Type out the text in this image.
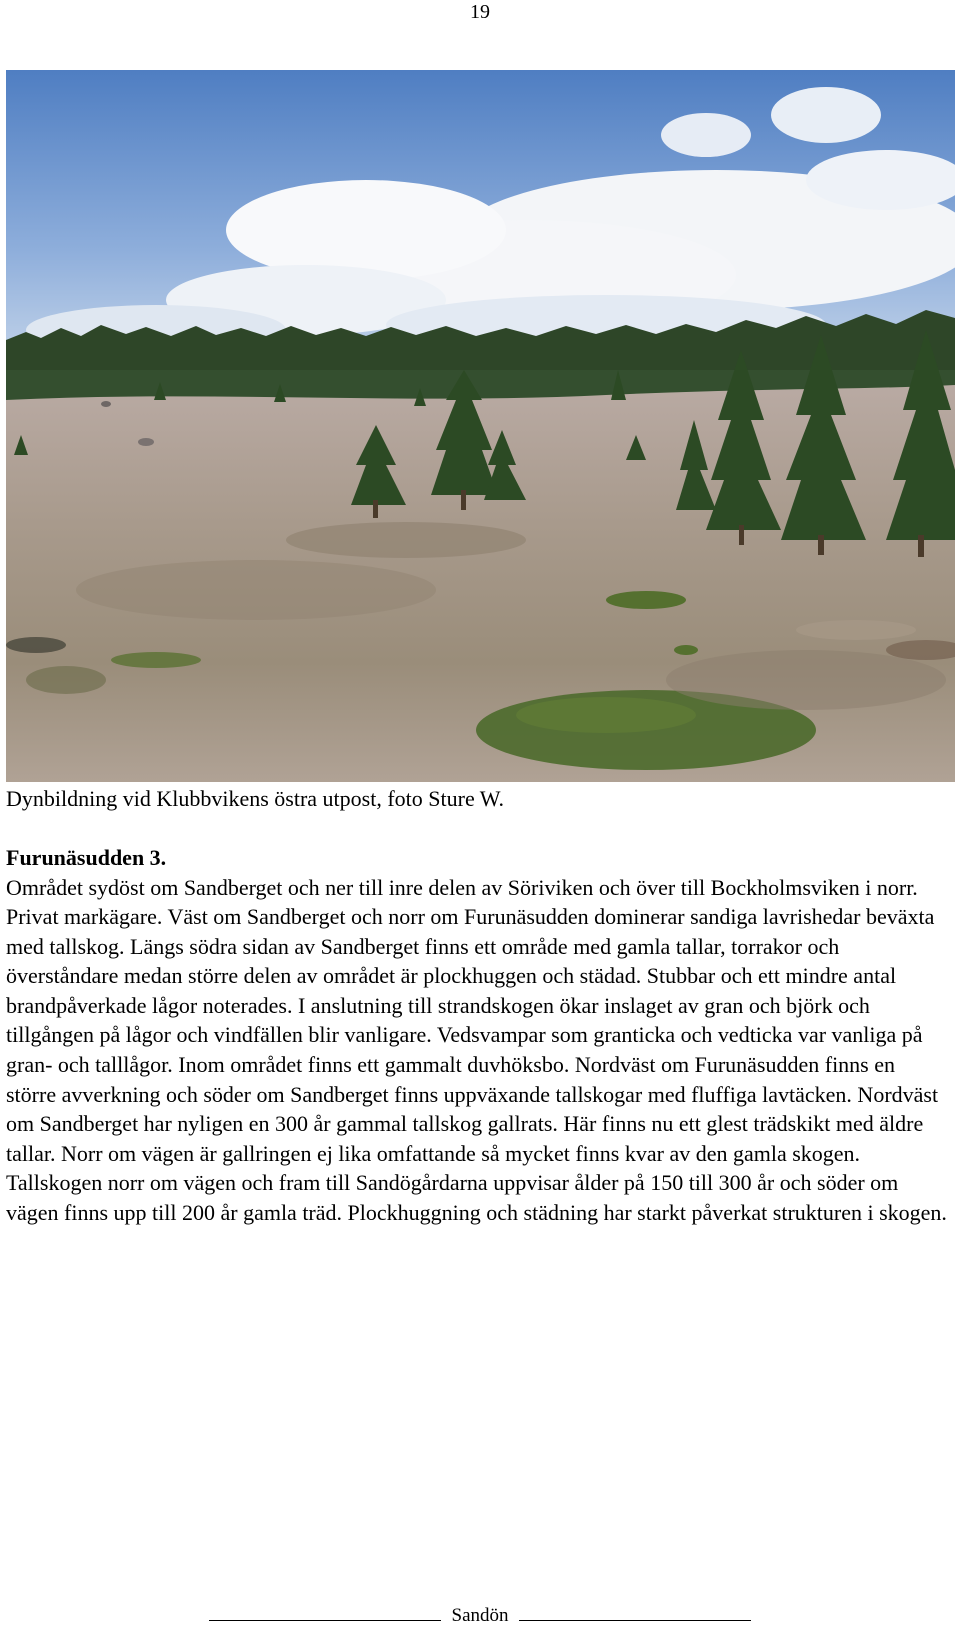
19
Dynbildning vid Klubbvikens östra utpost, foto Sture W.

Furunäsudden 3.

Området sydöst om Sandberget och ner till inre delen av Söriviken och över till Bockholmsviken i norr. Privat markägare. Väst om Sandberget och norr om Furunäsudden dominerar sandiga lavrishedar beväxta med tallskog. Längs södra sidan av Sandberget finns ett område med gamla tallar, torrakor och överståndare medan större delen av området är plockhuggen och städad. Stubbar och ett mindre antal brandpåverkade lågor noterades. I anslutning till strandskogen ökar inslaget av gran och björk och tillgången på lågor och vindfällen blir vanligare. Vedsvampar som granticka och vedticka var vanliga på gran- och talllågor. Inom området finns ett gammalt duvhöksbo. Nordväst om Furunäsudden finns en större avverkning och söder om Sandberget finns uppväxande tallskogar med fluffiga lavtäcken. Nordväst om Sandberget har nyligen en 300 år gammal tallskog gallrats. Här finns nu ett glest trädskikt med äldre tallar. Norr om vägen är gallringen ej lika omfattande så mycket finns kvar av den gamla skogen. Tallskogen norr om vägen och fram till Sandögårdarna uppvisar ålder på 150 till 300 år och söder om vägen finns upp till 200 år gamla träd. Plockhuggning och städning har starkt påverkat strukturen i skogen.

Sandön
